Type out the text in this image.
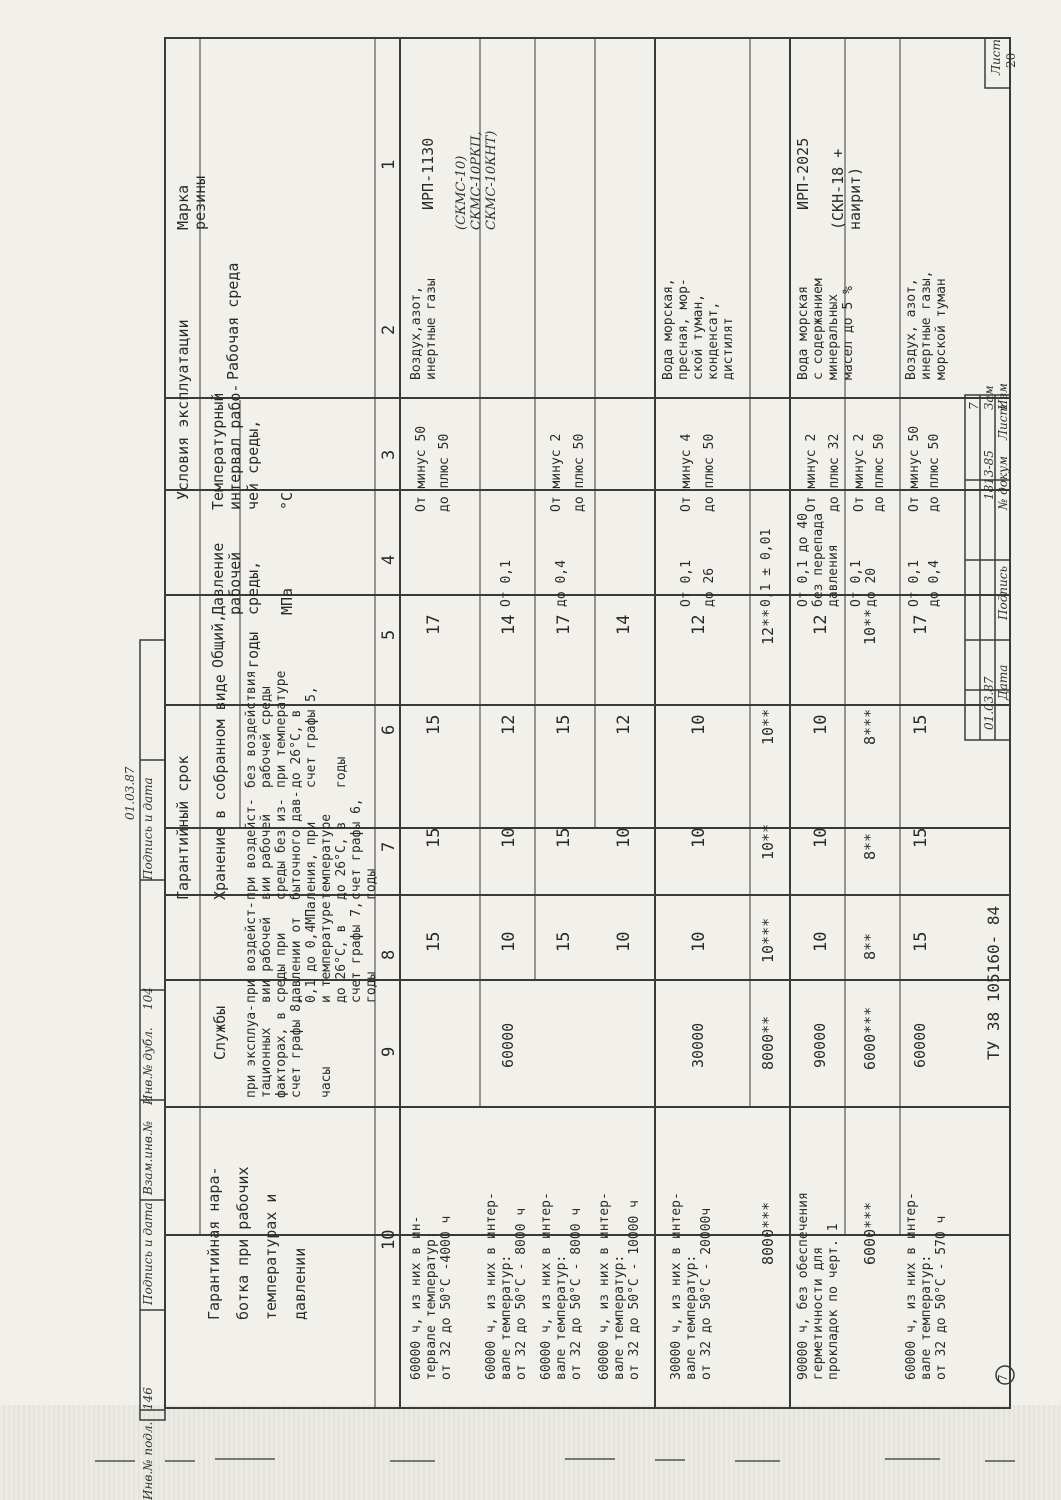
1
2
3
4
5
6
7
8
9
10
Марка
резины
Условия эксплуатации Рабочая среда
Температурный
интервал рабо-
чей среды,

°С
Давление
рабочей
среды,

МПа
Гарантийный срок
Общий,

годы
Хранение в собранном виде
Службы
без воздействия
рабочей среды
при температуре
до 26°С, в
счет графы 5,

годы
при воздейст-
вии рабочей
среды без из-
быточного дав-
ления, при
температуре
до 26°С, в
счет графы 6,
годы
при воздейст-
вии рабочей
среды при
давлении от
0,1 до 0,4МПа
и температуре
до 26°С, в
счет графы 7,
годы
при эксплуа-
тационных
факторах, в
счет графы 8,

часы
Гарантийная нара-
ботка при рабочих
температурах и
давлении
ИРП-1130 (СКМС-10)
СКМС-10РКП,
СКМС-10КНТ)	ИРП-2025 (СКН-18 +
наирит)
Воздух,азот,
инертные газы
От минус 50
до плюс 50
17
15
15
15
60000 ч, из них в ин-
тервале температур:
от 32 до 50°С -4000 ч
От 0,1
14
12
10
10
60000
60000 ч, из них в интер-
вале температур:
от 32 до 50°С - 8000 ч
От минус 2
до плюс 50
до 0,4
17
15
15
15
60000 ч, из них в интер-
вале температур:
от 32 до 50°С - 8000 ч
14
12
10
10
60000 ч, из них в интер-
вале температур:
от 32 до 50°С - 10000 ч
Вода морская,
пресная, мор-
ской туман,
конденсат,
дистилят
От минус 4
до плюс 50
От 0,1
до 26
12
10
10
10
30000
30000 ч, из них в интер-
вале температур:
от 32 до 50°С - 20000ч
0,1 ± 0,01
12**
10**
10**
10***
8000**
8000***
Вода морская
с содержанием
минеральных
масел до 5 %
От минус 2
до плюс 32
От 0,1 до 40
без перепада
давления
12
10
10
10
90000
90000 ч, без обеспечения
герметичности для
прокладок по черт. 1
От минус 2
до плюс 50
От 0,1
до 20
10**
8***
8**
8**
6000***
6000***
Воздух, азот,
инертные газы,
морской туман
От минус 50
до плюс 50
От 0,1
до 0,4
17
15
15
15
60000
60000 ч, из них в интер-
вале температур:
от 32 до 50°С - 570 ч
7 Зам
1813-85
01.03.87
Изм
Лист
№ докум
Подпись
Дата
ТУ 38 105160- 84
Лист 20
7
Инв.№ подл.
146
Подпись и дата
Взам.инв.№
Инв.№ дубл.
104
Подпись и дата
01.03.87
